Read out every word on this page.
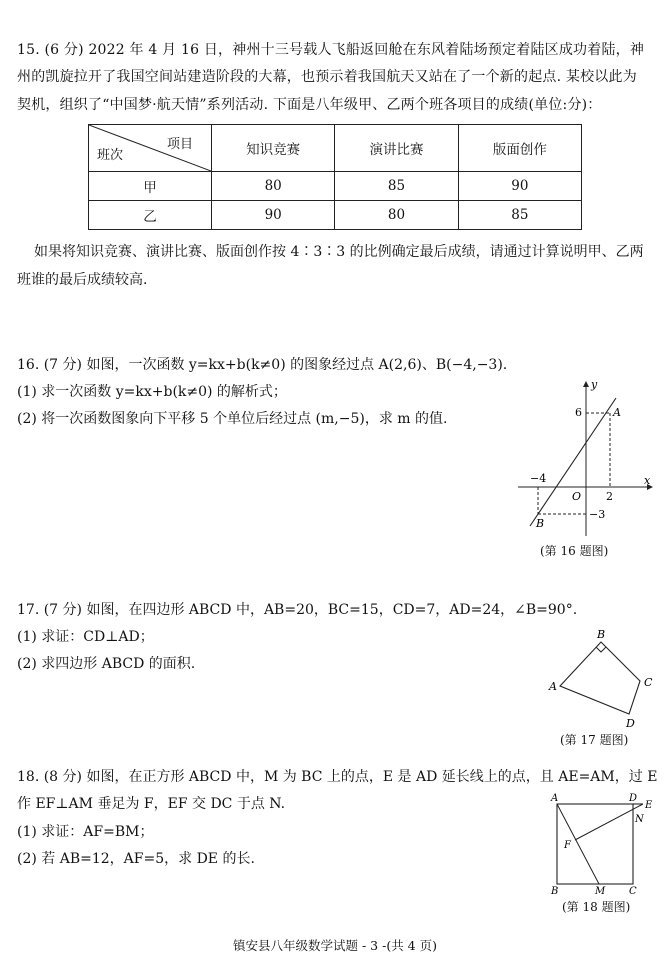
15. (6 分) 2022 年 4 月 16 日，神州十三号载人飞船返回舱在东风着陆场预定着陆区成功着陆，神
州的凯旋拉开了我国空间站建造阶段的大幕，也预示着我国航天又站在了一个新的起点. 某校以此为
契机，组织了“中国梦·航天情”系列活动. 下面是八年级甲、乙两个班各项目的成绩(单位:分)：
项目
班次	知识竞赛	演讲比赛	版面创作
甲	80	85	90
乙	90	80	85
如果将知识竞赛、演讲比赛、版面创作按 4∶3∶3 的比例确定最后成绩，请通过计算说明甲、乙两
班谁的最后成绩较高.
16. (7 分) 如图，一次函数 y=kx+b(k≠0) 的图象经过点 A(2,6)、B(−4,−3).
(1) 求一次函数 y=kx+b(k≠0) 的解析式；
(2) 将一次函数图象向下平移 5 个单位后经过点 (m,−5)，求 m 的值.
y
x
O
A
B
6
2
−4
−3
(第 16 题图)
17. (7 分) 如图，在四边形 ABCD 中，AB=20，BC=15，CD=7，AD=24，∠B=90°.
(1) 求证：CD⊥AD；
(2) 求四边形 ABCD 的面积.
A
B
C
D
(第 17 题图)
18. (8 分) 如图，在正方形 ABCD 中，M 为 BC 上的点，E 是 AD 延长线上的点，且 AE=AM，过 E
作 EF⊥AM 垂足为 F，EF 交 DC 于点 N.
(1) 求证：AF=BM；
(2) 若 AB=12，AF=5，求 DE 的长.
A	D
E
N
F
B	M C
(第 18 题图)
镇安县八年级数学试题 - 3 -(共 4 页)
